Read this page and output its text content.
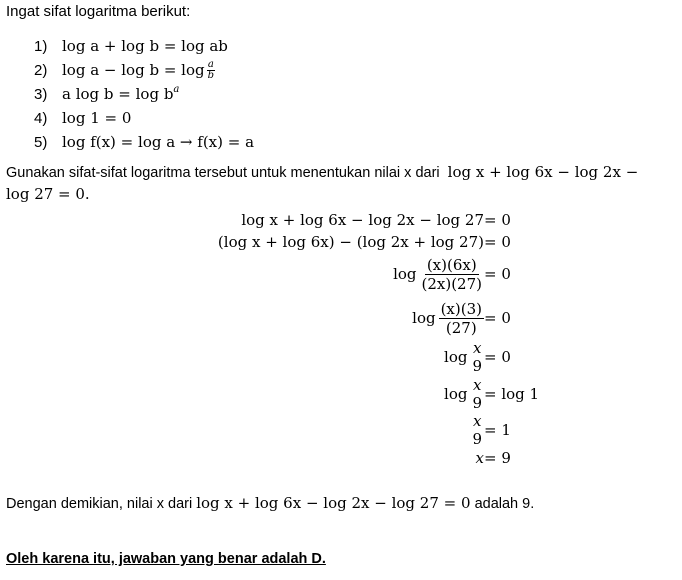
Ingat sifat logaritma berikut:
1) log a + log b = log ab
2) $\log a - \log b = \log \frac{a}{b}$
3) a $\log b = \log b^a$
4) log 1 = 0
5) log f(x) = log a → f(x) = a
Gunakan sifat-sifat logaritma tersebut untuk menentukan nilai x dari log x + log 6x − log 2x −
log 27 = 0.
log x + log 6x − log 2x − log 27 = 0
(log x + log 6x) − (log 2x + log 27) = 0
$\log \frac{(x)(6x)}{(2x)(27)} = 0$
$\log \frac{(x)(3)}{(27)} = 0$
log x
9 = 0
log x
9 = log 1
x
9 = 1
x = 9
Dengan demikian, nilai x dari log x + log 6x − log 2x − log 27 = 0 adalah 9.
Oleh karena itu, jawaban yang benar adalah D.
